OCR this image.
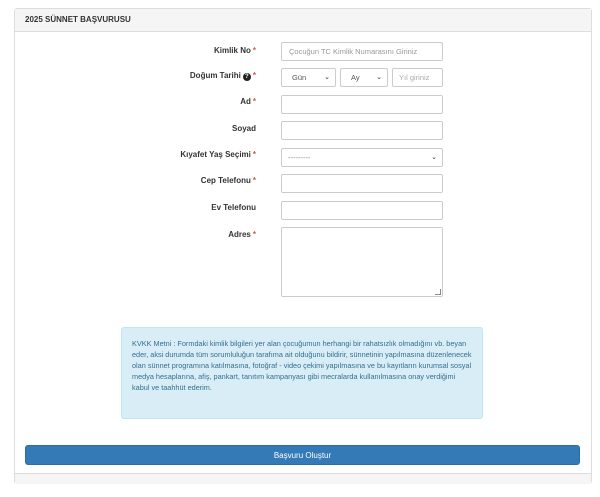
2025 SÜNNET BAŞVURUSU
Kimlik No *	Çocuğun TC Kimlik Numarasını Giriniz
Doğum Tarihi ? *	Gün	⌄	Ay ⌄	Yıl giriniz
Ad *
Soyad
Kıyafet Yaş Seçimi *	---------	⌄
Cep Telefonu *
Ev Telefonu
Adres *
KVKK Metni : Formdaki kimlik bilgileri yer alan çocuğumun herhangi bir rahatsızlık olmadığını vb. beyan eder, aksi durumda tüm sorumluluğun tarafıma ait olduğunu bildirir, sünnetinin yapılmasına düzenlenecek olan sünnet programına katılmasına, fotoğraf - video çekimi yapılmasına ve bu kayıtların kurumsal sosyal medya hesaplarına, afiş, pankart, tanıtım kampanyası gibi mecralarda kullanılmasına onay verdiğimi kabul ve taahhüt ederim.
Başvuru Oluştur
